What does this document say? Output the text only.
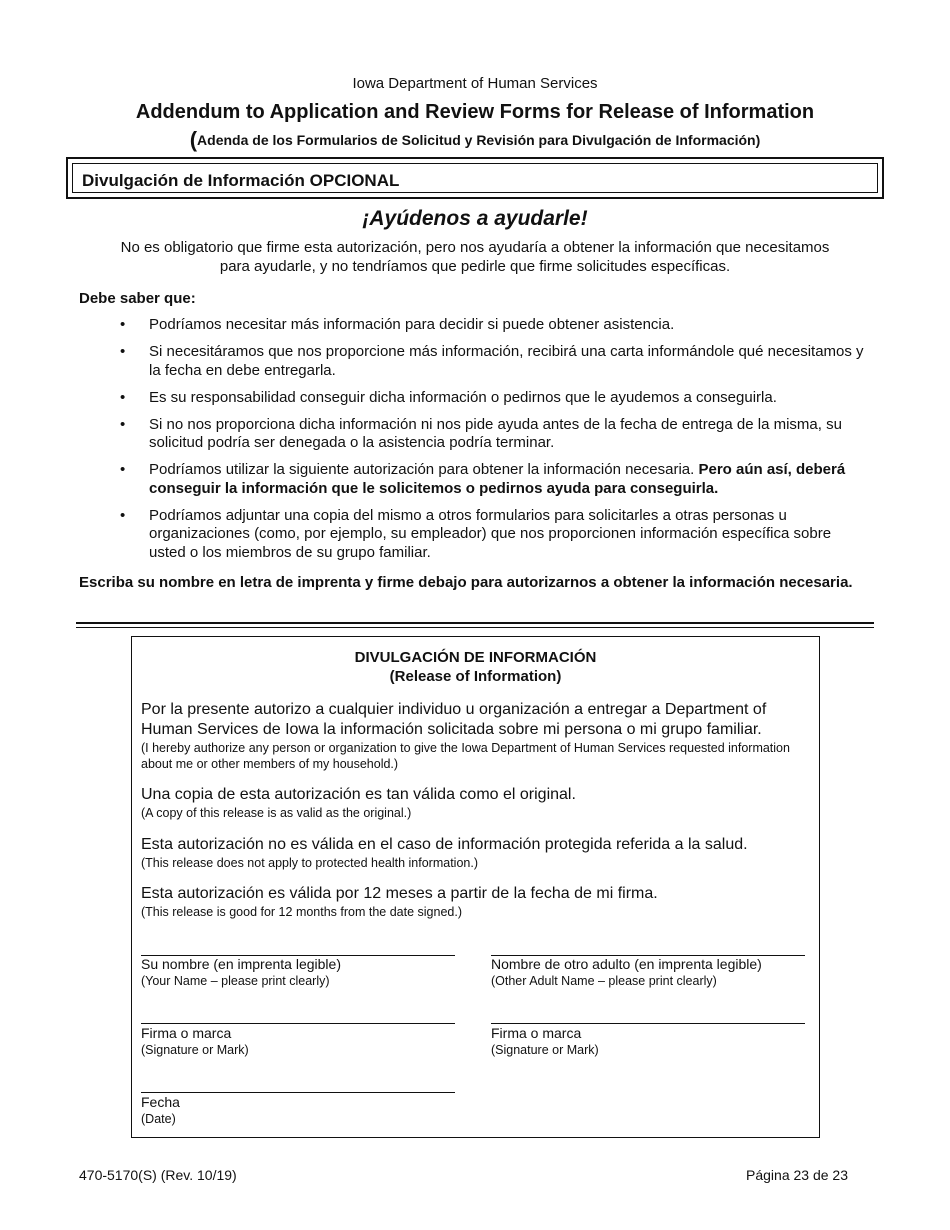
Iowa Department of Human Services
Addendum to Application and Review Forms for Release of Information
(Adenda de los Formularios de Solicitud y Revisión para Divulgación de Información)
Divulgación de Información OPCIONAL
¡Ayúdenos a ayudarle!
No es obligatorio que firme esta autorización, pero nos ayudaría a obtener la información que necesitamos para ayudarle, y no tendríamos que pedirle que firme solicitudes específicas.
Debe saber que:
• Podríamos necesitar más información para decidir si puede obtener asistencia.
• Si necesitáramos que nos proporcione más información, recibirá una carta informándole qué necesitamos y la fecha en debe entregarla.
• Es su responsabilidad conseguir dicha información o pedirnos que le ayudemos a conseguirla.
• Si no nos proporciona dicha información ni nos pide ayuda antes de la fecha de entrega de la misma, su solicitud podría ser denegada o la asistencia podría terminar.
• Podríamos utilizar la siguiente autorización para obtener la información necesaria. Pero aún así, deberá conseguir la información que le solicitemos o pedirnos ayuda para conseguirla.
• Podríamos adjuntar una copia del mismo a otros formularios para solicitarles a otras personas u organizaciones (como, por ejemplo, su empleador) que nos proporcionen información específica sobre usted o los miembros de su grupo familiar.
Escriba su nombre en letra de imprenta y firme debajo para autorizarnos a obtener la información necesaria.
DIVULGACIÓN DE INFORMACIÓN
(Release of Information)
Por la presente autorizo a cualquier individuo u organización a entregar a Department of Human Services de Iowa la información solicitada sobre mi persona o mi grupo familiar.
(I hereby authorize any person or organization to give the Iowa Department of Human Services requested information about me or other members of my household.)
Una copia de esta autorización es tan válida como el original.
(A copy of this release is as valid as the original.)
Esta autorización no es válida en el caso de información protegida referida a la salud.
(This release does not apply to protected health information.)
Esta autorización es válida por 12 meses a partir de la fecha de mi firma.
(This release is good for 12 months from the date signed.)
Su nombre (en imprenta legible)
(Your Name – please print clearly)
Nombre de otro adulto (en imprenta legible)
(Other Adult Name – please print clearly)
Firma o marca
(Signature or Mark)
Firma o marca
(Signature or Mark)
Fecha
(Date)
470-5170(S) (Rev. 10/19)	Página 23 de 23
